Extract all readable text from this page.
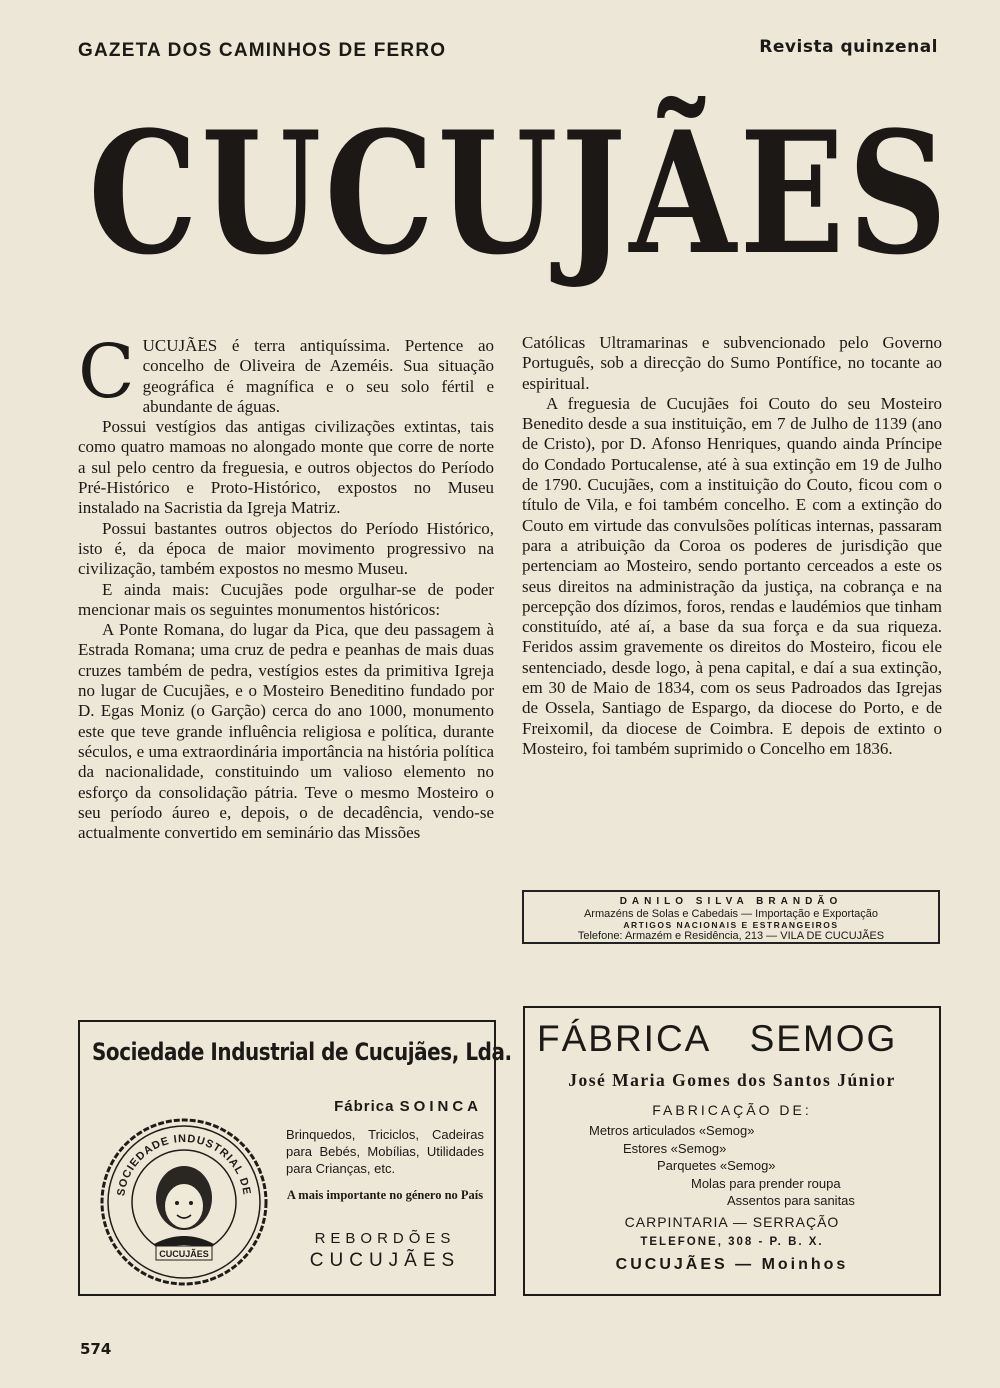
GAZETA DOS CAMINHOS DE FERRO	Revista quinzenal
CUCUJÃES

CUCUJÃES é terra antiquíssima. Pertence ao concelho de Oliveira de Azeméis. Sua situação geográfica é magnífica e o seu solo fértil e abundante de águas.

Possui vestígios das antigas civilizações extintas, tais como quatro mamoas no alongado monte que corre de norte a sul pelo centro da freguesia, e outros objectos do Período Pré-Histórico e Proto-Histórico, expostos no Museu instalado na Sacristia da Igreja Matriz.

Possui bastantes outros objectos do Período Histórico, isto é, da época de maior movimento progressivo na civilização, também expostos no mesmo Museu.

E ainda mais: Cucujães pode orgulhar-se de poder mencionar mais os seguintes monumentos históricos:

A Ponte Romana, do lugar da Pica, que deu passagem à Estrada Romana; uma cruz de pedra e peanhas de mais duas cruzes também de pedra, vestígios estes da primitiva Igreja no lugar de Cucujães, e o Mosteiro Beneditino fundado por D. Egas Moniz (o Garção) cerca do ano 1000, monumento este que teve grande influência religiosa e política, durante séculos, e uma extraordinária importância na história política da nacionalidade, constituindo um valioso elemento no esforço da consolidação pátria. Teve o mesmo Mosteiro o seu período áureo e, depois, o de decadência, vendo-se actualmente convertido em seminário das Missões

Católicas Ultramarinas e subvencionado pelo Governo Português, sob a direcção do Sumo Pontífice, no tocante ao espiritual.

A freguesia de Cucujães foi Couto do seu Mosteiro Benedito desde a sua instituição, em 7 de Julho de 1139 (ano de Cristo), por D. Afonso Henriques, quando ainda Príncipe do Condado Portucalense, até à sua extinção em 19 de Julho de 1790. Cucujães, com a instituição do Couto, ficou com o título de Vila, e foi também concelho. E com a extinção do Couto em virtude das convulsões políticas internas, passaram para a atribuição da Coroa os poderes de jurisdição que pertenciam ao Mosteiro, sendo portanto cerceados a este os seus direitos na administração da justiça, na cobrança e na percepção dos dízimos, foros, rendas e laudémios que tinham constituído, até aí, a base da sua força e da sua riqueza. Feridos assim gravemente os direitos do Mosteiro, ficou ele sentenciado, desde logo, à pena capital, e daí a sua extinção, em 30 de Maio de 1834, com os seus Padroados das Igrejas de Ossela, Santiago de Espargo, da diocese do Porto, e de Freixomil, da diocese de Coimbra. E depois de extinto o Mosteiro, foi também suprimido o Concelho em 1836.

DANILO SILVA BRANDÃO
Armazéns de Solas e Cabedais — Importação e Exportação
ARTIGOS NACIONAIS E ESTRANGEIROS
Telefone: Armazém e Residência, 213 — VILA DE CUCUJÃES
Sociedade Industrial de Cucujães, Lda.
Fábrica SOINCA
SOCIEDADE INDUSTRIAL DE
CUCUJÃES
Brinquedos, Triciclos, Cadeiras para Bebés, Mobílias, Utilidades para Crianças, etc.
A mais importante no género no País
REBORDÕES
CUCUJÃES
FÁBRICA SEMOG
José Maria Gomes dos Santos Júnior
FABRICAÇÃO DE:
Metros articulados «Semog»
Estores «Semog»
Parquetes «Semog»
Molas para prender roupa
Assentos para sanitas
CARPINTARIA — SERRAÇÃO
TELEFONE, 308 - P. B. X.
CUCUJÃES — Moinhos
574
